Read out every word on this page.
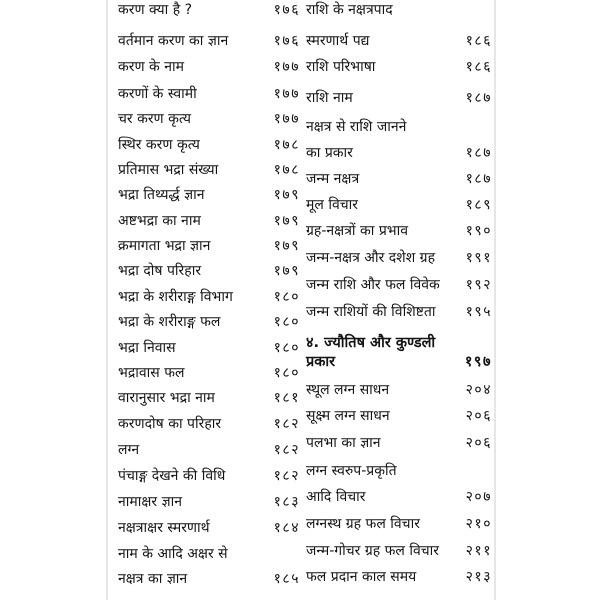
करण क्या है ?	१७६
वर्तमान करण का ज्ञान	१७६
करण के नाम	१७७
करणों के स्वामी	१७७
चर करण कृत्य	१७७
स्थिर करण कृत्य	१७८
प्रतिमास भद्रा संख्या	१७८
भद्रा तिथ्यर्द्ध ज्ञान	१७९
अष्टभद्रा का नाम	१७९
क्रमागता भद्रा ज्ञान	१७९
भद्रा दोष परिहार	१७९
भद्रा के शरीराङ्ग विभाग	१८०
भद्रा के शरीराङ्ग फल	१८०
भद्रा निवास	१८०
भद्रावास फल	१८०
वारानुसार भद्रा नाम	१८१
करणदोष का परिहार	१८२
लग्न	१८२
पंचाङ्ग देखने की विधि	१८२
नामाक्षर ज्ञान	१८३
नक्षत्राक्षर स्मरणार्थ	१८४
नाम के आदि अक्षर से
नक्षत्र का ज्ञान	१८५
राशि के नक्षत्रपाद
स्मरणार्थ पद्य	१८६
राशि परिभाषा	१८६
राशि नाम	१८७
नक्षत्र से राशि जानने
का प्रकार	१८७
जन्म नक्षत्र	१८७
मूल विचार	१८९
ग्रह-नक्षत्रों का प्रभाव	१९०
जन्म-नक्षत्र और दशेश ग्रह १९१
जन्म राशि और फल विवेक १९२
जन्म राशियों की विशिष्टता १९५
४. ज्यौतिष और कुण्डली
प्रकार	१९७
स्थूल लग्न साधन	२०४
सूक्ष्म लग्न साधन	२०६
पलभा का ज्ञान	२०६
लग्न स्वरुप-प्रकृति
आदि विचार	२०७
लग्नस्थ ग्रह फल विचार	२१०
जन्म-गोचर ग्रह फल विचार २११
फल प्रदान काल समय	२१३
